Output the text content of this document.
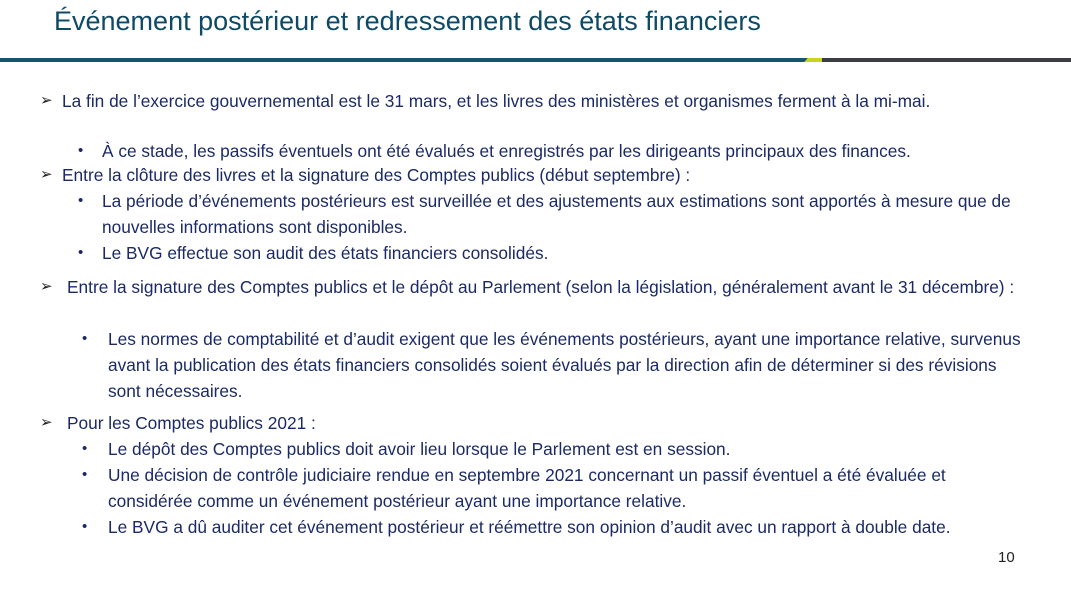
Événement postérieur et redressement des états financiers
➢ La fin de l’exercice gouvernemental est le 31 mars, et les livres des ministères et organismes ferment à la mi-mai.
•	À ce stade, les passifs éventuels ont été évalués et enregistrés par les dirigeants principaux des finances.
➢ Entre la clôture des livres et la signature des Comptes publics (début septembre) :
•	La période d’événements postérieurs est surveillée et des ajustements aux estimations sont apportés à mesure que de nouvelles informations sont disponibles.
•	Le BVG effectue son audit des états financiers consolidés.
➢ Entre la signature des Comptes publics et le dépôt au Parlement (selon la législation, généralement avant le 31 décembre) :
•	Les normes de comptabilité et d’audit exigent que les événements postérieurs, ayant une importance relative, survenus avant la publication des états financiers consolidés soient évalués par la direction afin de déterminer si des révisions sont nécessaires.
➢ Pour les Comptes publics 2021 :
•	Le dépôt des Comptes publics doit avoir lieu lorsque le Parlement est en session.
•	Une décision de contrôle judiciaire rendue en septembre 2021 concernant un passif éventuel a été évaluée et considérée comme un événement postérieur ayant une importance relative.
•	Le BVG a dû auditer cet événement postérieur et réémettre son opinion d’audit avec un rapport à double date.
10
